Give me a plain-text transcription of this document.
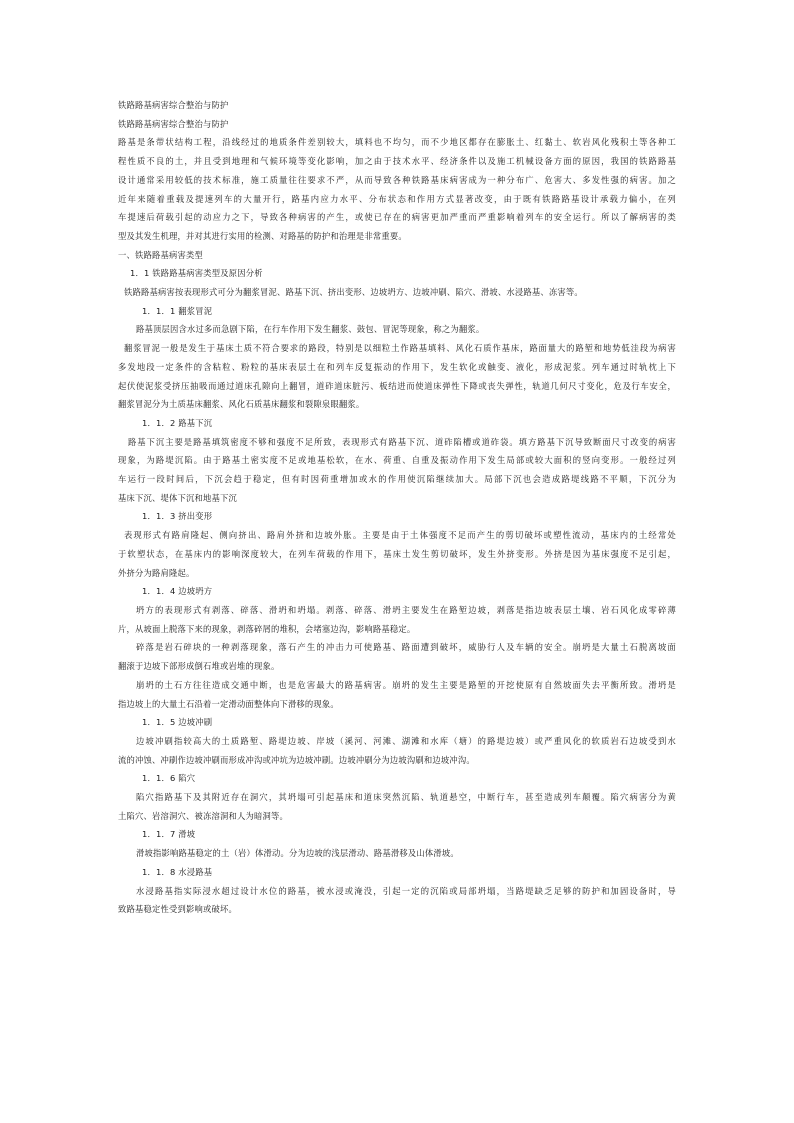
铁路路基病害综合整治与防护
铁路路基病害综合整治与防护
路基是条带状结构工程，沿线经过的地质条件差别较大，填料也不均匀，而不少地区都存在膨胀土、红黏土、软岩风化残积土等各种工
程性质不良的土，并且受到地理和气候环境等变化影响，加之由于技术水平、经济条件以及施工机械设备方面的原因，我国的铁路路基
设计通常采用较低的技术标准，施工质量往往要求不严，从而导致各种铁路基床病害成为一种分布广、危害大、多发性强的病害。加之
近年来随着重载及提速列车的大量开行，路基内应力水平、分布状态和作用方式显著改变，由于既有铁路路基设计承载力偏小，在列
车提速后荷载引起的动应力之下，导致各种病害的产生，或使已存在的病害更加严重而严重影响着列车的安全运行。所以了解病害的类
型及其发生机理，并对其进行实用的检测、对路基的防护和治理是非常重要。
一、铁路路基病害类型
1．1 铁路路基病害类型及原因分析
铁路路基病害按表现形式可分为翻浆冒泥、路基下沉、挤出变形、边坡坍方、边坡冲刷、陷穴、滑坡、水浸路基、冻害等。
1．1．1 翻浆冒泥
路基顶层因含水过多而急剧下陷，在行车作用下发生翻浆、鼓包、冒泥等现象，称之为翻浆。
翻浆冒泥一般是发生于基床土质不符合要求的路段，特别是以细粒土作路基填料、风化石质作基床，路面量大的路堑和地势低洼段为病害
多发地段一定条件的含粘粒、粉粒的基床表层土在和列车反复振动的作用下，发生软化或触变、液化，形成泥浆。列车通过时轨枕上下
起伏使泥浆受挤压抽吸而通过道床孔隙向上翻冒，道砟道床脏污、板结进而使道床弹性下降或丧失弹性，轨道几何尺寸变化，危及行车安全，
翻浆冒泥分为土质基床翻浆、风化石质基床翻浆和裂隙泉眼翻浆。
1．1．2 路基下沉
路基下沉主要是路基填筑密度不够和强度不足所致，表现形式有路基下沉、道砟陷槽或道砟袋。填方路基下沉导致断面尺寸改变的病害
现象，为路堤沉陷。由于路基土密实度不足或地基松软，在水、荷重、自重及振动作用下发生局部或较大面积的竖向变形。一般经过列
车运行一段时间后，下沉会趋于稳定，但有时因荷重增加或水的作用使沉陷继续加大。局部下沉也会造成路堤线路不平顺，下沉分为
基床下沉、堤体下沉和地基下沉
1．1．3 挤出变形
表现形式有路肩隆起、侧向挤出、路肩外挤和边坡外胀。主要是由于土体强度不足而产生的剪切破坏或塑性流动，基床内的土经常处
于软塑状态，在基床内的影响深度较大，在列车荷载的作用下，基床土发生剪切破坏，发生外挤变形。外挤是因为基床强度不足引起，
外挤分为路肩隆起。
1．1．4 边坡坍方
坍方的表现形式有剥落、碎落、滑坍和坍塌。剥落、碎落、滑坍主要发生在路堑边坡，剥落是指边坡表层土壤、岩石风化成零碎薄
片，从坡面上脱落下来的现象，剥落碎屑的堆积，会堵塞边沟，影响路基稳定。
碎落是岩石碎块的一种剥落现象，落石产生的冲击力可使路基、路面遭到破坏，威胁行人及车辆的安全。崩坍是大量土石脱离坡面
翻滚于边坡下部形成倒石堆或岩堆的现象。
崩坍的土石方往往造成交通中断，也是危害最大的路基病害。崩坍的发生主要是路堑的开挖使原有自然坡面失去平衡所致。滑坍是
指边坡上的大量土石沿着一定滑动面整体向下滑移的现象。
1．1．5 边坡冲刷
边坡冲刷指较高大的土质路堑、路堤边坡、岸坡（溪河、河滩、湖滩和水库（塘）的路堤边坡）或严重风化的软质岩石边坡受到水
流的冲蚀、冲刷作边坡冲刷而形成冲沟或冲坑为边坡冲刷。边坡冲刷分为边坡沟刷和边坡冲沟。
1．1．6 陷穴
陷穴指路基下及其附近存在洞穴，其坍塌可引起基床和道床突然沉陷、轨道悬空，中断行车，甚至造成列车颠覆。陷穴病害分为黄
土陷穴、岩溶洞穴、被冻溶洞和人为暗洞等。
1．1．7 滑坡
滑坡指影响路基稳定的土（岩）体滑动。分为边坡的浅层滑动、路基滑移及山体滑坡。
1．1．8 水浸路基
水浸路基指实际浸水超过设计水位的路基，被水浸或淹没，引起一定的沉陷或局部坍塌，当路堤缺乏足够的防护和加固设备时，导
致路基稳定性受到影响或破坏。
